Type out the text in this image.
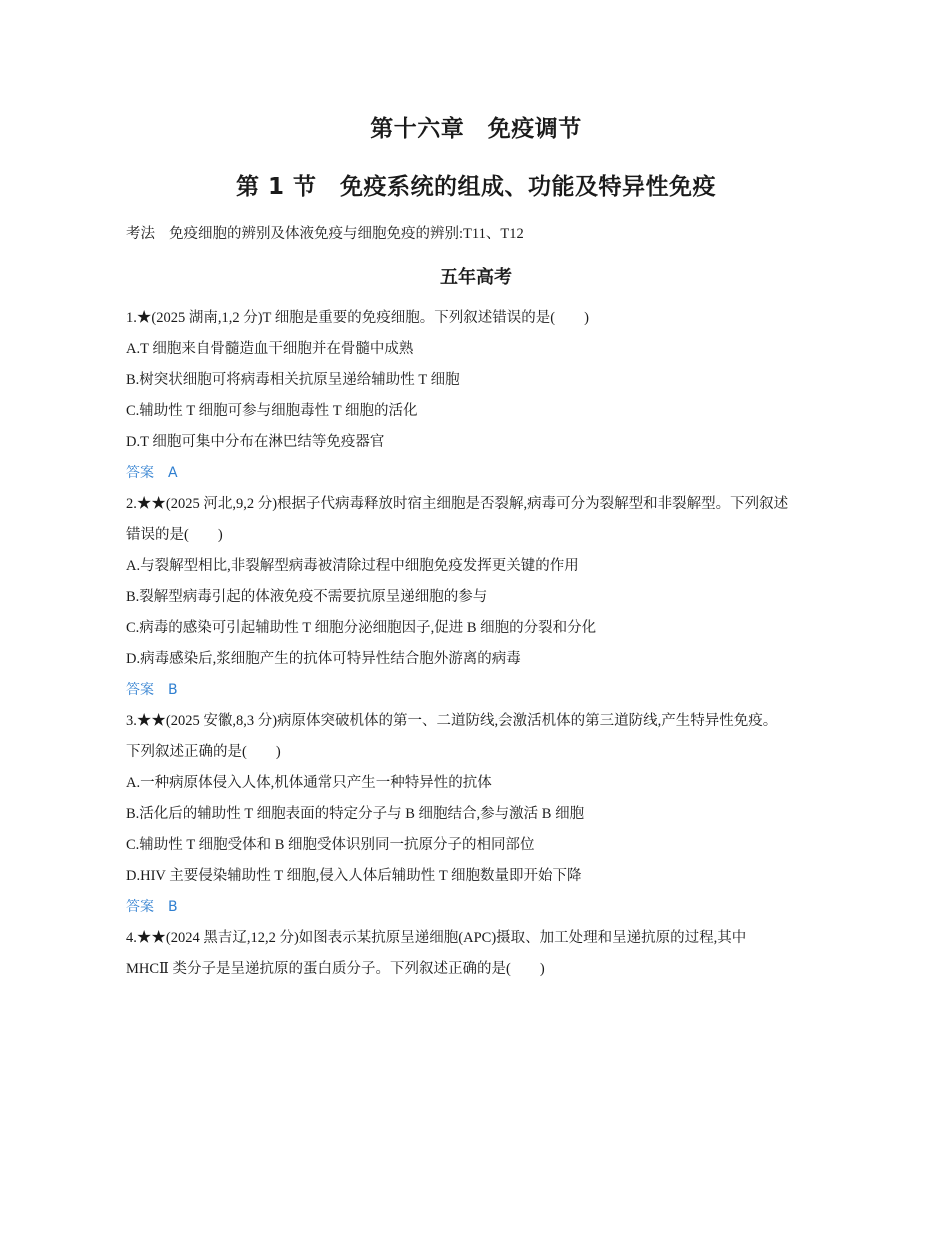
第十六章　免疫调节
第 1 节　免疫系统的组成、功能及特异性免疫
考法 免疫细胞的辨别及体液免疫与细胞免疫的辨别:T11、T12
五年高考
1.★(2025 湖南,1,2 分)T 细胞是重要的免疫细胞。下列叙述错误的是(　　)
A.T 细胞来自骨髓造血干细胞并在骨髓中成熟
B.树突状细胞可将病毒相关抗原呈递给辅助性 T 细胞
C.辅助性 T 细胞可参与细胞毒性 T 细胞的活化
D.T 细胞可集中分布在淋巴结等免疫器官
答案 A
2.★★(2025 河北,9,2 分)根据子代病毒释放时宿主细胞是否裂解,病毒可分为裂解型和非裂解型。下列叙述
错误的是(　　)
A.与裂解型相比,非裂解型病毒被清除过程中细胞免疫发挥更关键的作用
B.裂解型病毒引起的体液免疫不需要抗原呈递细胞的参与
C.病毒的感染可引起辅助性 T 细胞分泌细胞因子,促进 B 细胞的分裂和分化
D.病毒感染后,浆细胞产生的抗体可特异性结合胞外游离的病毒
答案 B
3.★★(2025 安徽,8,3 分)病原体突破机体的第一、二道防线,会激活机体的第三道防线,产生特异性免疫。
下列叙述正确的是(　　)
A.一种病原体侵入人体,机体通常只产生一种特异性的抗体
B.活化后的辅助性 T 细胞表面的特定分子与 B 细胞结合,参与激活 B 细胞
C.辅助性 T 细胞受体和 B 细胞受体识别同一抗原分子的相同部位
D.HIV 主要侵染辅助性 T 细胞,侵入人体后辅助性 T 细胞数量即开始下降
答案 B
4.★★(2024 黑吉辽,12,2 分)如图表示某抗原呈递细胞(APC)摄取、加工处理和呈递抗原的过程,其中
MHCⅡ 类分子是呈递抗原的蛋白质分子。下列叙述正确的是(　　)
